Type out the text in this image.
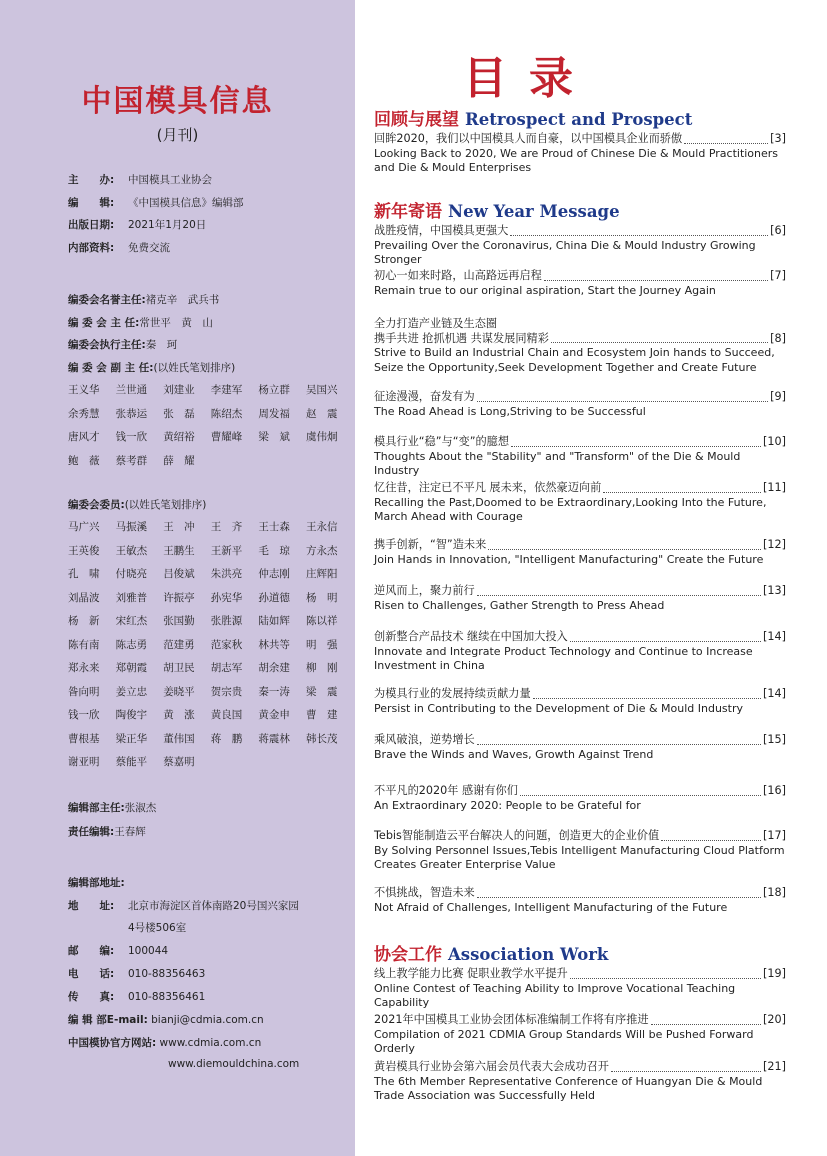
中国模具信息
(月刊)
主　　办: 中国模具工业协会
编　　辑: 《中国模具信息》编辑部
出版日期: 2021年1月20日
内部资料: 免费交流
编委会名誉主任:褚克辛　武兵书
编 委 会 主 任:常世平　黄　山
编委会执行主任:秦　珂
编 委 会 副 主 任:(以姓氏笔划排序)
王义华	兰世通	刘建业	李建军	杨立群	吴国兴
余秀慧	张恭运	张　磊	陈绍杰	周发福	赵　震
唐风才	钱一欣	黄绍裕	曹耀峰	梁　斌	虞伟炯
鲍　薇	蔡考群	薛　耀
编委会委员:(以姓氏笔划排序)
马广兴	马振溪	王　冲	王　齐	王士森	王永信
王英俊	王敏杰	王鹏生	王新平	毛　琼	方永杰
孔　啸	付晓亮	吕俊斌	朱洪亮	仲志刚	庄辉阳
刘晶波	刘雅普	许振亭	孙宪华	孙道德	杨　明
杨　新	宋红杰	张国勤	张胜源	陆如辉	陈以祥
陈有南	陈志勇	范建勇	范家秋	林共等	明　强
郑永来	郑朝霞	胡卫民	胡志军	胡余建	柳　刚
昝向明	姜立忠	姜晓平	贺宗贵	秦一涛	梁　震
钱一欣	陶俊宇	黄　涨	黄良国	黄金申	曹　建
曹根基	梁正华	董伟国	蒋　鹏	蒋震林	韩长茂
谢亚明	蔡能平	蔡嘉明
编辑部主任:张淑杰
责任编辑:王春辉
编辑部地址:
地　　址: 北京市海淀区首体南路20号国兴家园
4号楼506室
邮　　编: 100044
电　　话: 010-88356463
传　　真: 010-88356461
编 辑 部E-mail: bianji@cdmia.com.cn
中国模协官方网站: www.cdmia.com.cn
www.diemouldchina.com
目录
回顾与展望 Retrospect and Prospect
新年寄语 New Year Message
协会工作 Association Work
回眸2020，我们以中国模具人而自豪，以中国模具企业而骄傲	[3]
Looking Back to 2020, We are Proud of Chinese Die & Mould Practitioners and Die & Mould Enterprises
战胜疫情，中国模具更强大	[6]
Prevailing Over the Coronavirus, China Die & Mould Industry Growing Stronger
初心一如来时路，山高路远再启程	[7]
Remain true to our original aspiration, Start the Journey Again
全力打造产业链及生态圈
携手共进 抢抓机遇 共谋发展同精彩	[8]
Strive to Build an Industrial Chain and Ecosystem Join hands to Succeed, Seize the Opportunity,Seek Development Together and Create Future
征途漫漫，奋发有为	[9]
The Road Ahead is Long,Striving to be Successful
模具行业“稳”与“变”的臆想	[10]
Thoughts About the "Stability" and "Transform" of the Die & Mould Industry
忆往昔，注定已不平凡 展未来，依然豪迈向前	[11]
Recalling the Past,Doomed to be Extraordinary,Looking Into the Future, March Ahead with Courage
携手创新，“智”造未来	[12]
Join Hands in Innovation, "Intelligent Manufacturing" Create the Future
逆风而上，聚力前行	[13]
Risen to Challenges, Gather Strength to Press Ahead
创新整合产品技术 继续在中国加大投入	[14]
Innovate and Integrate Product Technology and Continue to Increase Investment in China
为模具行业的发展持续贡献力量	[14]
Persist in Contributing to the Development of Die & Mould Industry
乘风破浪，逆势增长	[15]
Brave the Winds and Waves, Growth Against Trend
不平凡的2020年 感谢有你们	[16]
An Extraordinary 2020: People to be Grateful for
Tebis智能制造云平台解决人的问题，创造更大的企业价值	[17]
By Solving Personnel Issues,Tebis Intelligent Manufacturing Cloud Platform Creates Greater Enterprise Value
不惧挑战，智造未来	[18]
Not Afraid of Challenges, Intelligent Manufacturing of the Future
线上教学能力比赛 促职业教学水平提升	[19]
Online Contest of Teaching Ability to Improve Vocational Teaching Capability
2021年中国模具工业协会团体标准编制工作将有序推进	[20]
Compilation of 2021 CDMIA Group Standards Will be Pushed Forward Orderly
黄岩模具行业协会第六届会员代表大会成功召开	[21]
The 6th Member Representative Conference of Huangyan Die & Mould Trade Association was Successfully Held
